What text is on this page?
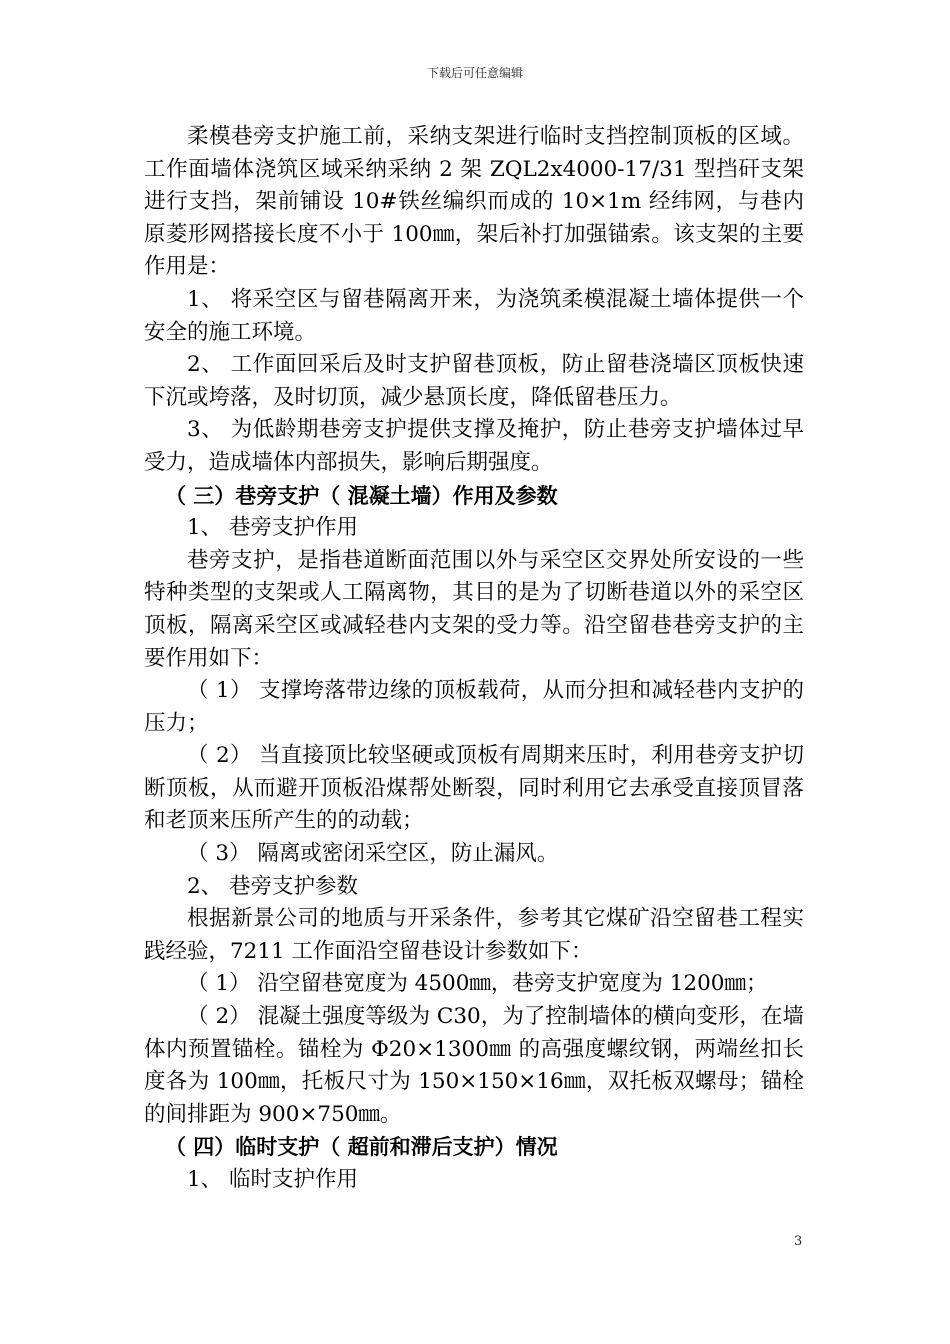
下载后可任意编辑

柔模巷旁支护施工前，采纳支架进行临时支挡控制顶板的区域。工作面墙体浇筑区域采纳采纳 2 架 ZQL2x4000-17/31 型挡矸支架进行支挡，架前铺设 10#铁丝编织而成的 10×1m 经纬网，与巷内原菱形网搭接长度不小于 100㎜，架后补打加强锚索。该支架的主要作用是：

1、 将采空区与留巷隔离开来，为浇筑柔模混凝土墙体提供一个安全的施工环境。

2、 工作面回采后及时支护留巷顶板，防止留巷浇墙区顶板快速下沉或垮落，及时切顶，减少悬顶长度，降低留巷压力。

3、 为低龄期巷旁支护提供支撑及掩护，防止巷旁支护墙体过早受力，造成墙体内部损失，影响后期强度。

（ 三）巷旁支护（ 混凝土墙）作用及参数

1、 巷旁支护作用

巷旁支护，是指巷道断面范围以外与采空区交界处所安设的一些特种类型的支架或人工隔离物，其目的是为了切断巷道以外的采空区顶板，隔离采空区或减轻巷内支架的受力等。沿空留巷巷旁支护的主要作用如下：

（ 1） 支撑垮落带边缘的顶板载荷，从而分担和减轻巷内支护的压力；

（ 2） 当直接顶比较坚硬或顶板有周期来压时，利用巷旁支护切断顶板，从而避开顶板沿煤帮处断裂，同时利用它去承受直接顶冒落和老顶来压所产生的的动载；

（ 3） 隔离或密闭采空区，防止漏风。

2、 巷旁支护参数

根据新景公司的地质与开采条件，参考其它煤矿沿空留巷工程实践经验，7211 工作面沿空留巷设计参数如下：

（ 1） 沿空留巷宽度为 4500㎜，巷旁支护宽度为 1200㎜；

（ 2） 混凝土强度等级为 C30，为了控制墙体的横向变形，在墙体内预置锚栓。锚栓为 Φ20×1300㎜ 的高强度螺纹钢，两端丝扣长度各为 100㎜，托板尺寸为 150×150×16㎜，双托板双螺母；锚栓的间排距为 900×750㎜。

（ 四）临时支护（ 超前和滞后支护）情况

1、 临时支护作用

3
